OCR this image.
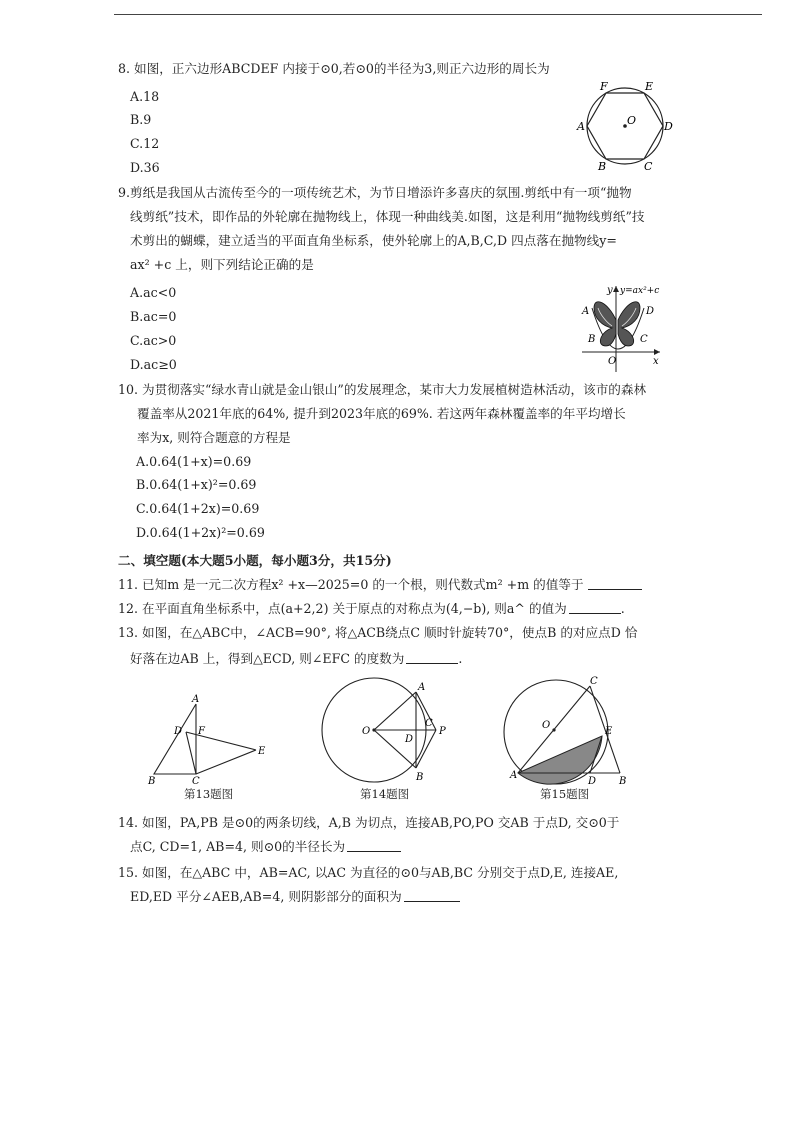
8. 如图，正六边形ABCDEF 内接于⊙0,若⊙0的半径为3,则正六边形的周长为
A.18
B.9
C.12
D.36
O
F	E
A	D
B	C
9.剪纸是我国从古流传至今的一项传统艺术，为节日增添许多喜庆的氛围.剪纸中有一项“抛物
线剪纸”技术，即作品的外轮廓在抛物线上，体现一种曲线美.如图，这是利用“抛物线剪纸”技
术剪出的蝴蝶，建立适当的平面直角坐标系，使外轮廓上的A,B,C,D 四点落在抛物线y=
ax² +c 上，则下列结论正确的是
A.ac<0
B.ac=0
C.ac>0
D.ac≥0
y=ax²+c
y
x
O
A
B	C
D
10. 为贯彻落实“绿水青山就是金山银山”的发展理念，某市大力发展植树造林活动，该市的森林
覆盖率从2021年底的64%, 提升到2023年底的69%. 若这两年森林覆盖率的年平均增长
率为x, 则符合题意的方程是
A.0.64(1+x)=0.69
B.0.64(1+x)²=0.69
C.0.64(1+2x)=0.69
D.0.64(1+2x)²=0.69
二、填空题(本大题5小题，每小题3分，共15分)
11. 已知m 是一元二次方程x² +x—2025=0 的一个根，则代数式m² +m 的值等于
12. 在平面直角坐标系中，点(a+2,2) 关于原点的对称点为(4,−b), 则a^ 的值为	.
13. 如图，在△ABC中，∠ACB=90°, 将△ACB绕点C 顺时针旋转70°，使点B 的对应点D 恰
好落在边AB 上，得到△ECD, 则∠EFC 的度数为	.
A
D F
E
B	C
第13题图
A
O
C
P
D
B
第14题图
C
O
E
A
D B
第15题图
14. 如图，PA,PB 是⊙0的两条切线，A,B 为切点，连接AB,PO,PO 交AB 于点D, 交⊙0于
点C, CD=1, AB=4, 则⊙0的半径长为
15. 如图，在△ABC 中，AB=AC, 以AC 为直径的⊙0与AB,BC 分别交于点D,E, 连接AE,
ED,ED 平分∠AEB,AB=4, 则阴影部分的面积为
